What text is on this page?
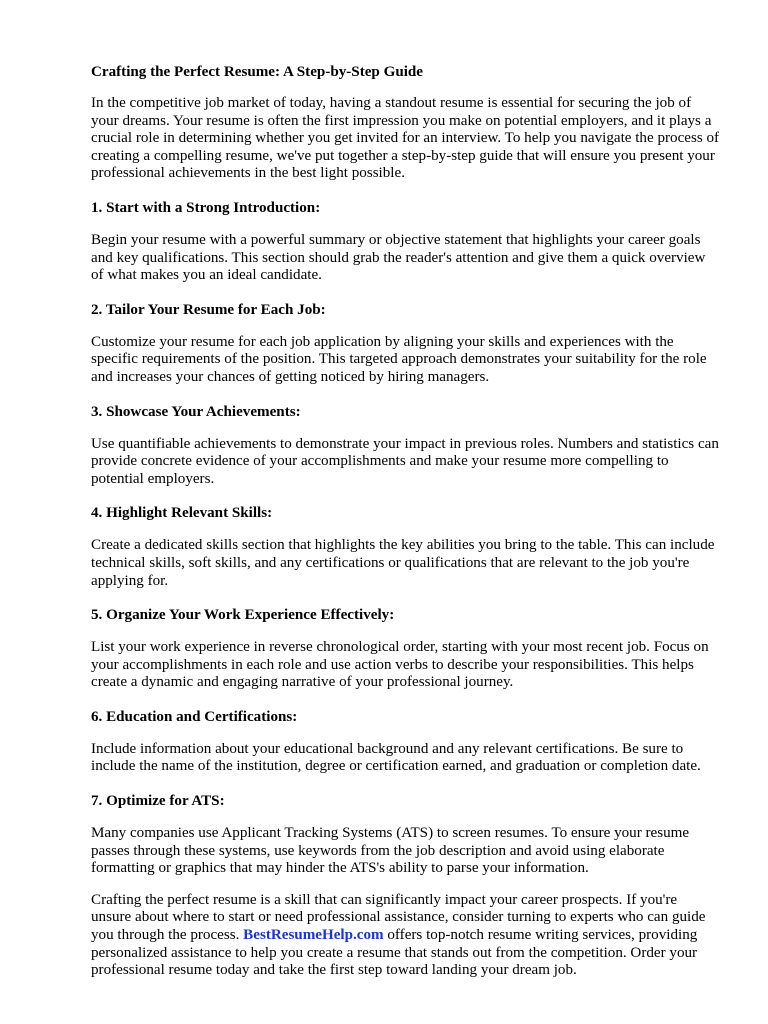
Crafting the Perfect Resume: A Step-by-Step Guide

In the competitive job market of today, having a standout resume is essential for securing the job of your dreams. Your resume is often the first impression you make on potential employers, and it plays a crucial role in determining whether you get invited for an interview. To help you navigate the process of creating a compelling resume, we've put together a step-by-step guide that will ensure you present your professional achievements in the best light possible.

1. Start with a Strong Introduction:

Begin your resume with a powerful summary or objective statement that highlights your career goals and key qualifications. This section should grab the reader's attention and give them a quick overview of what makes you an ideal candidate.

2. Tailor Your Resume for Each Job:

Customize your resume for each job application by aligning your skills and experiences with the specific requirements of the position. This targeted approach demonstrates your suitability for the role and increases your chances of getting noticed by hiring managers.

3. Showcase Your Achievements:

Use quantifiable achievements to demonstrate your impact in previous roles. Numbers and statistics can provide concrete evidence of your accomplishments and make your resume more compelling to potential employers.

4. Highlight Relevant Skills:

Create a dedicated skills section that highlights the key abilities you bring to the table. This can include technical skills, soft skills, and any certifications or qualifications that are relevant to the job you're applying for.

5. Organize Your Work Experience Effectively:

List your work experience in reverse chronological order, starting with your most recent job. Focus on your accomplishments in each role and use action verbs to describe your responsibilities. This helps create a dynamic and engaging narrative of your professional journey.

6. Education and Certifications:

Include information about your educational background and any relevant certifications. Be sure to include the name of the institution, degree or certification earned, and graduation or completion date.

7. Optimize for ATS:

Many companies use Applicant Tracking Systems (ATS) to screen resumes. To ensure your resume passes through these systems, use keywords from the job description and avoid using elaborate formatting or graphics that may hinder the ATS's ability to parse your information.

Crafting the perfect resume is a skill that can significantly impact your career prospects. If you're unsure about where to start or need professional assistance, consider turning to experts who can guide you through the process. BestResumeHelp.com offers top-notch resume writing services, providing personalized assistance to help you create a resume that stands out from the competition. Order your professional resume today and take the first step toward landing your dream job.
